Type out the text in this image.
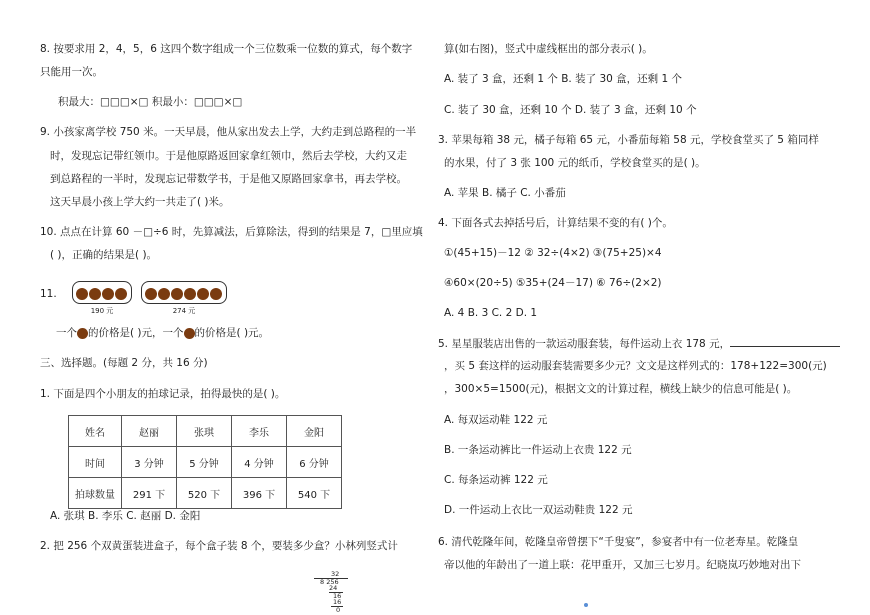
8. 按要求用 2，4，5，6 这四个数字组成一个三位数乘一位数的算式，每个数字
只能用一次。
积最大：□□□×□ 积最小：□□□×□
9. 小孩家离学校 750 米。一天早晨，他从家出发去上学，大约走到总路程的一半
时，发现忘记带红领巾。于是他原路返回家拿红领巾，然后去学校，大约又走
到总路程的一半时，发现忘记带数学书，于是他又原路回家拿书，再去学校。
这天早晨小孩上学大约一共走了( )米。
10. 点点在计算 60 －□÷6 时，先算减法，后算除法，得到的结果是 7，□里应填
( )，正确的结果是( )。
11.
190 元	274 元
一个 的价格是( )元，一个 的价格是( )元。
三、选择题。(每题 2 分，共 16 分)
1. 下面是四个小朋友的拍球记录，拍得最快的是( )。
姓名	赵丽	张琪	李乐	金阳
时间	3 分钟	5 分钟	4 分钟	6 分钟
拍球数量	291 下	520 下	396 下	540 下
A. 张琪 B. 李乐 C. 赵丽 D. 金阳
2. 把 256 个双黄蛋装进盒子，每个盒子装 8 个，要装多少盒？小林列竖式计
32
8 256
24
16
16
0
算(如右图)，竖式中虚线框出的部分表示( )。
A. 装了 3 盒，还剩 1 个 B. 装了 30 盒，还剩 1 个
C. 装了 30 盒，还剩 10 个 D. 装了 3 盒，还剩 10 个
3. 苹果每箱 38 元，橘子每箱 65 元，小番茄每箱 58 元，学校食堂买了 5 箱同样
的水果，付了 3 张 100 元的纸币，学校食堂买的是( )。
A. 苹果 B. 橘子 C. 小番茄
4. 下面各式去掉括号后，计算结果不变的有( )个。
①(45+15)－12 ② 32÷(4×2) ③(75+25)×4
④60×(20÷5) ⑤35+(24－17) ⑥ 76÷(2×2)
A. 4 B. 3 C. 2 D. 1
5. 星星服装店出售的一款运动服套装，每件运动上衣 178 元，
，买 5 套这样的运动服套装需要多少元？文文是这样列式的：178+122=300(元)
，300×5=1500(元)，根据文文的计算过程，横线上缺少的信息可能是( )。
A. 每双运动鞋 122 元
B. 一条运动裤比一件运动上衣贵 122 元
C. 每条运动裤 122 元
D. 一件运动上衣比一双运动鞋贵 122 元
6. 清代乾隆年间，乾隆皇帝曾摆下“千叟宴”，参宴者中有一位老寿星。乾隆皇
帝以他的年龄出了一道上联：花甲重开，又加三七岁月。纪晓岚巧妙地对出下
